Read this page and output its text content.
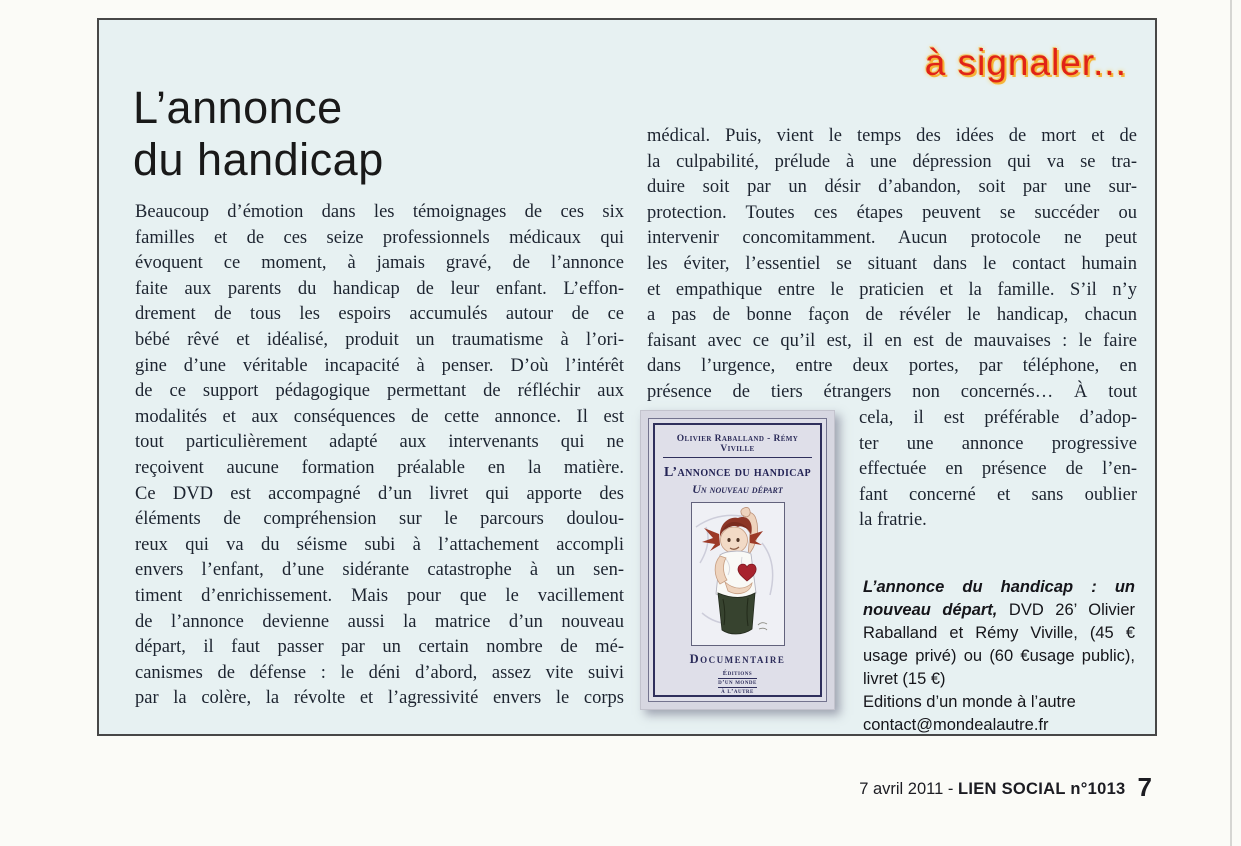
à signaler...
L’annonce
du handicap
Beaucoup d’émotion dans les témoignages de ces six
familles et de ces seize professionnels médicaux qui
évoquent ce moment, à jamais gravé, de l’annonce
faite aux parents du handicap de leur enfant. L’effon-
drement de tous les espoirs accumulés autour de ce
bébé rêvé et idéalisé, produit un traumatisme à l’ori-
gine d’une véritable incapacité à penser. D’où l’intérêt
de ce support pédagogique permettant de réfléchir aux
modalités et aux conséquences de cette annonce. Il est
tout particulièrement adapté aux intervenants qui ne
reçoivent aucune formation préalable en la matière.
Ce DVD est accompagné d’un livret qui apporte des
éléments de compréhension sur le parcours doulou-
reux qui va du séisme subi à l’attachement accompli
envers l’enfant, d’une sidérante catastrophe à un sen-
timent d’enrichissement. Mais pour que le vacillement
de l’annonce devienne aussi la matrice d’un nouveau
départ, il faut passer par un certain nombre de mé-
canismes de défense : le déni d’abord, assez vite suivi
par la colère, la révolte et l’agressivité envers le corps
médical. Puis, vient le temps des idées de mort et de
la culpabilité, prélude à une dépression qui va se tra-
duire soit par un désir d’abandon, soit par une sur-
protection. Toutes ces étapes peuvent se succéder ou
intervenir concomitamment. Aucun protocole ne peut
les éviter, l’essentiel se situant dans le contact humain
et empathique entre le praticien et la famille. S’il n’y
a pas de bonne façon de révéler le handicap, chacun
faisant avec ce qu’il est, il en est de mauvaises : le faire
dans l’urgence, entre deux portes, par téléphone, en
présence de tiers étrangers non concernés… À tout
cela, il est préférable d’adop-
ter une annonce progressive
effectuée en présence de l’en-
fant concerné et sans oublier
la fratrie.
Olivier Raballand - Rémy Viville
L’annonce du handicap
Un nouveau départ
Documentaire
Éditions
d’un monde
à l’autre
L’annonce du handicap : un nouveau départ, DVD 26’ Olivier Raballand et Rémy Viville, (45 € usage privé) ou (60 €usage public), livret (15 €)
Editions d’un monde à l’autre
contact@mondealautre.fr
7 avril 2011 - LIEN SOCIAL n°1013 7
